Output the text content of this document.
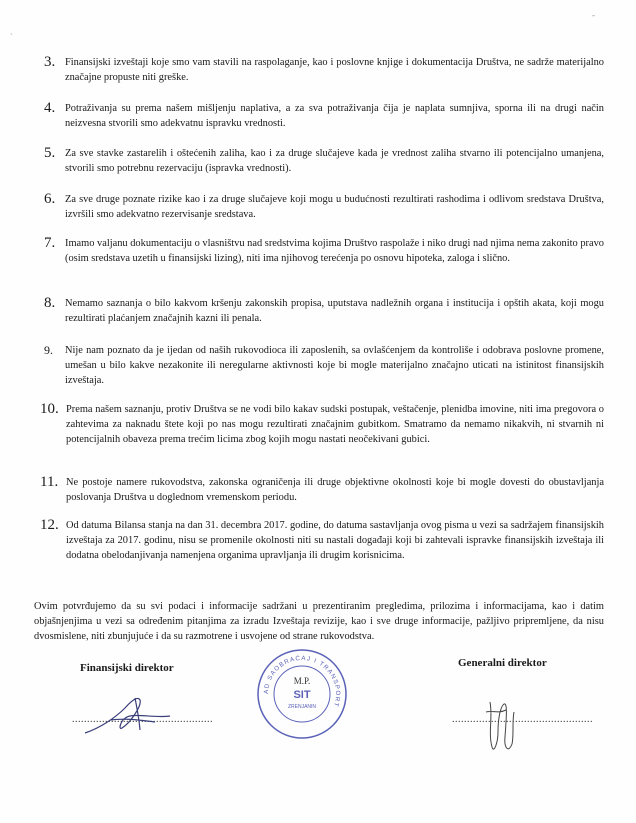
`
-
3. Finansijski izveštaji koje smo vam stavili na raspolaganje, kao i poslovne knjige i dokumentacija Društva, ne sadrže materijalno značajne propuste niti greške.
4. Potraživanja su prema našem mišljenju naplativa, a za sva potraživanja čija je naplata sumnjiva, sporna ili na drugi način neizvesna stvorili smo adekvatnu ispravku vrednosti.
5. Za sve stavke zastarelih i oštećenih zaliha, kao i za druge slučajeve kada je vrednost zaliha stvarno ili potencijalno umanjena, stvorili smo potrebnu rezervaciju (ispravka vrednosti).
6. Za sve druge poznate rizike kao i za druge slučajeve koji mogu u budućnosti rezultirati rashodima i odlivom sredstava Društva, izvršili smo adekvatno rezervisanje sredstava.
7. Imamo valjanu dokumentaciju o vlasništvu nad sredstvima kojima Društvo raspolaže i niko drugi nad njima nema zakonito pravo (osim sredstava uzetih u finansijski lizing), niti ima njihovog terećenja po osnovu hipoteka, zaloga i slično.
8. Nemamo saznanja o bilo kakvom kršenju zakonskih propisa, uputstava nadležnih organa i institucija i opštih akata, koji mogu rezultirati plaćanjem značajnih kazni ili penala.
9. Nije nam poznato da je ijedan od naših rukovodioca ili zaposlenih, sa ovlašćenjem da kontroliše i odobrava poslovne promene, umešan u bilo kakve nezakonite ili neregularne aktivnosti koje bi mogle materijalno značajno uticati na istinitost finansijskih izveštaja.
10. Prema našem saznanju, protiv Društva se ne vodi bilo kakav sudski postupak, veštačenje, plenidba imovine, niti ima pregovora o zahtevima za naknadu štete koji po nas mogu rezultirati značajnim gubitkom. Smatramo da nemamo nikakvih, ni stvarnih ni potencijalnih obaveza prema trećim licima zbog kojih mogu nastati neočekivani gubici.
11. Ne postoje namere rukovodstva, zakonska ograničenja ili druge objektivne okolnosti koje bi mogle dovesti do obustavljanja poslovanja Društva u doglednom vremenskom periodu.
12. Od datuma Bilansa stanja na dan 31. decembra 2017. godine, do datuma sastavljanja ovog pisma u vezi sa sadržajem finansijskih izveštaja za 2017. godinu, nisu se promenile okolnosti niti su nastali događaji koji bi zahtevali ispravke finansijskih izveštaja ili dodatna obelodanjivanja namenjena organima upravljanja ili drugim korisnicima.
Ovim potvrđujemo da su svi podaci i informacije sadržani u prezentiranim pregledima, prilozima i informacijama, kao i datim objašnjenjima u vezi sa određenim pitanjima za izradu Izveštaja revizije, kao i sve druge informacije, pažljivo pripremljene, da nisu dvosmislene, niti zbunjujuće i da su razmotrene i usvojene od strane rukovodstva.
Finansijski direktor	Generalni direktor
...............................................	...............................................
AD SAOBRAĆAJ I TRANSPORT
M.P.
SIT
ZRENJANIN
